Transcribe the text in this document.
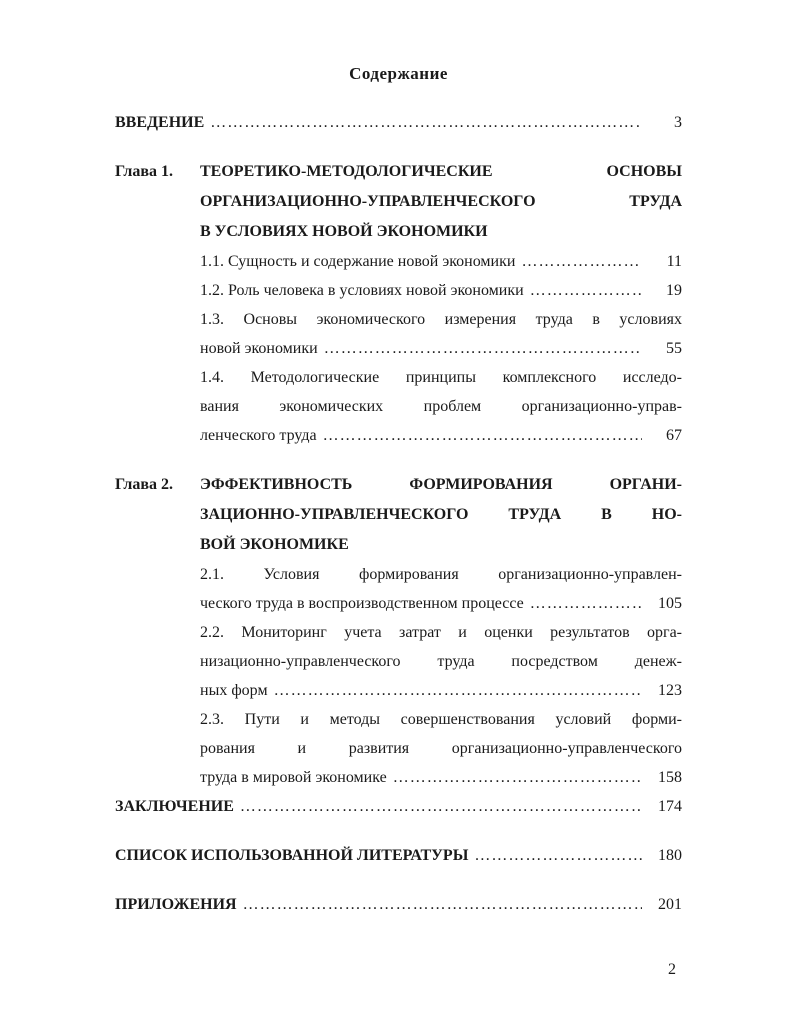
Содержание
ВВЕДЕНИЕ ……………………………………………………………………………………………………………………………………	3
Глава 1.	ТЕОРЕТИКО-МЕТОДОЛОГИЧЕСКИЕ ОСНОВЫ
ОРГАНИЗАЦИОННО-УПРАВЛЕНЧЕСКОГО ТРУДА
В УСЛОВИЯХ НОВОЙ ЭКОНОМИКИ
1.1. Сущность и содержание новой экономики ……………………………………………………………………………………………………………………………………	11
1.2. Роль человека в условиях новой экономики ……………………………………………………………………………………………………………………………………	19
1.3. Основы экономического измерения труда в условиях
новой экономики ……………………………………………………………………………………………………………………………………	55
1.4. Методологические принципы комплексного исследо-
вания экономических проблем организационно-управ-
ленческого труда ……………………………………………………………………………………………………………………………………	67
Глава 2.	ЭФФЕКТИВНОСТЬ ФОРМИРОВАНИЯ ОРГАНИ-
ЗАЦИОННО-УПРАВЛЕНЧЕСКОГО ТРУДА В НО-
ВОЙ ЭКОНОМИКЕ
2.1. Условия формирования организационно-управлен-
ческого труда в воспроизводственном процессе ……………………………………………………………………………………………………………………………………	105
2.2. Мониторинг учета затрат и оценки результатов орга-
низационно-управленческого труда посредством денеж-
ных форм ……………………………………………………………………………………………………………………………………	123
2.3. Пути и методы совершенствования условий форми-
рования и развития организационно-управленческого
труда в мировой экономике ……………………………………………………………………………………………………………………………………	158
ЗАКЛЮЧЕНИЕ ……………………………………………………………………………………………………………………………………	174
СПИСОК ИСПОЛЬЗОВАННОЙ ЛИТЕРАТУРЫ ……………………………………………………………………………………………………………………………………	180
ПРИЛОЖЕНИЯ ……………………………………………………………………………………………………………………………………	201
2
